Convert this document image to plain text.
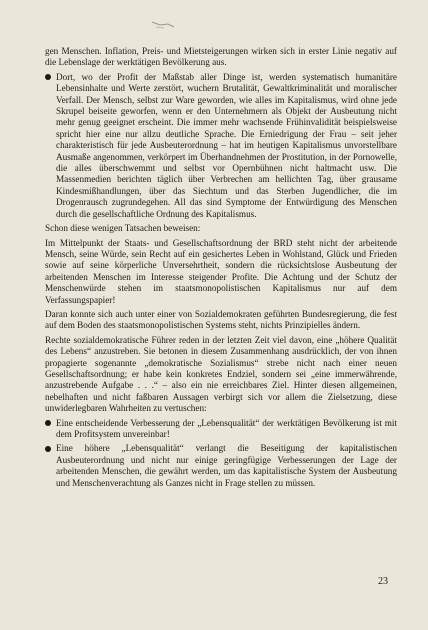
gen Menschen. Inflation, Preis- und Mietsteigerungen wirken sich in erster Linie negativ auf die Lebenslage der werktätigen Bevölkerung aus.

Dort, wo der Profit der Maßstab aller Dinge ist, werden systematisch humanitäre Lebensinhalte und Werte zerstört, wuchern Brutalität, Gewaltkriminalität und moralischer Verfall. Der Mensch, selbst zur Ware geworden, wie alles im Kapitalismus, wird ohne jede Skrupel beiseite geworfen, wenn er den Unternehmern als Objekt der Ausbeutung nicht mehr genug geeignet erscheint. Die immer mehr wachsende Frühinvalidität beispielsweise spricht hier eine nur allzu deutliche Sprache. Die Erniedrigung der Frau – seit jeher charakteristisch für jede Ausbeuterordnung – hat im heutigen Kapitalismus unvorstellbare Ausmaße angenommen, verkörpert im Überhandnehmen der Prostitution, in der Pornowelle, die alles überschwemmt und selbst vor Opernbühnen nicht haltmacht usw. Die Massenmedien berichten täglich über Verbrechen am hellichten Tag, über grausame Kindesmißhandlungen, über das Siechtum und das Sterben Jugendlicher, die im Drogenrausch zugrundegehen. All das sind Symptome der Entwürdigung des Menschen durch die gesellschaftliche Ordnung des Kapitalismus.

Schon diese wenigen Tatsachen beweisen:

Im Mittelpunkt der Staats- und Gesellschaftsordnung der BRD steht nicht der arbeitende Mensch, seine Würde, sein Recht auf ein gesichertes Leben in Wohlstand, Glück und Frieden sowie auf seine körperliche Unversehrtheit, sondern die rücksichtslose Ausbeutung der arbeitenden Menschen im Interesse steigender Profite. Die Achtung und der Schutz der Menschenwürde stehen im staatsmonopolistischen Kapitalismus nur auf dem Verfassungspapier!

Daran konnte sich auch unter einer von Sozialdemokraten geführten Bundesregierung, die fest auf dem Boden des staatsmonopolistischen Systems steht, nichts Prinzipielles ändern.

Rechte sozialdemokratische Führer reden in der letzten Zeit viel davon, eine „höhere Qualität des Lebens“ anzustreben. Sie betonen in diesem Zusammenhang ausdrücklich, der von ihnen propagierte sogenannte „demokratische Sozialismus“ strebe nicht nach einer neuen Gesellschaftsordnung; er habe kein konkretes Endziel, sondern sei „eine immerwährende, anzustrebende Aufgabe . . .“ – also ein nie erreichbares Ziel. Hinter diesen allgemeinen, nebelhaften und nicht faßbaren Aussagen verbirgt sich vor allem die Zielsetzung, diese unwiderlegbaren Wahrheiten zu vertuschen:

Eine entscheidende Verbesserung der „Lebensqualität“ der werktätigen Bevölkerung ist mit dem Profitsystem unvereinbar!

Eine höhere „Lebensqualität“ verlangt die Beseitigung der kapitalistischen Ausbeuterordnung und nicht nur einige geringfügige Verbesserungen der Lage der arbeitenden Menschen, die gewährt werden, um das kapitalistische System der Ausbeutung und Menschenverachtung als Ganzes nicht in Frage stellen zu müssen.

23
